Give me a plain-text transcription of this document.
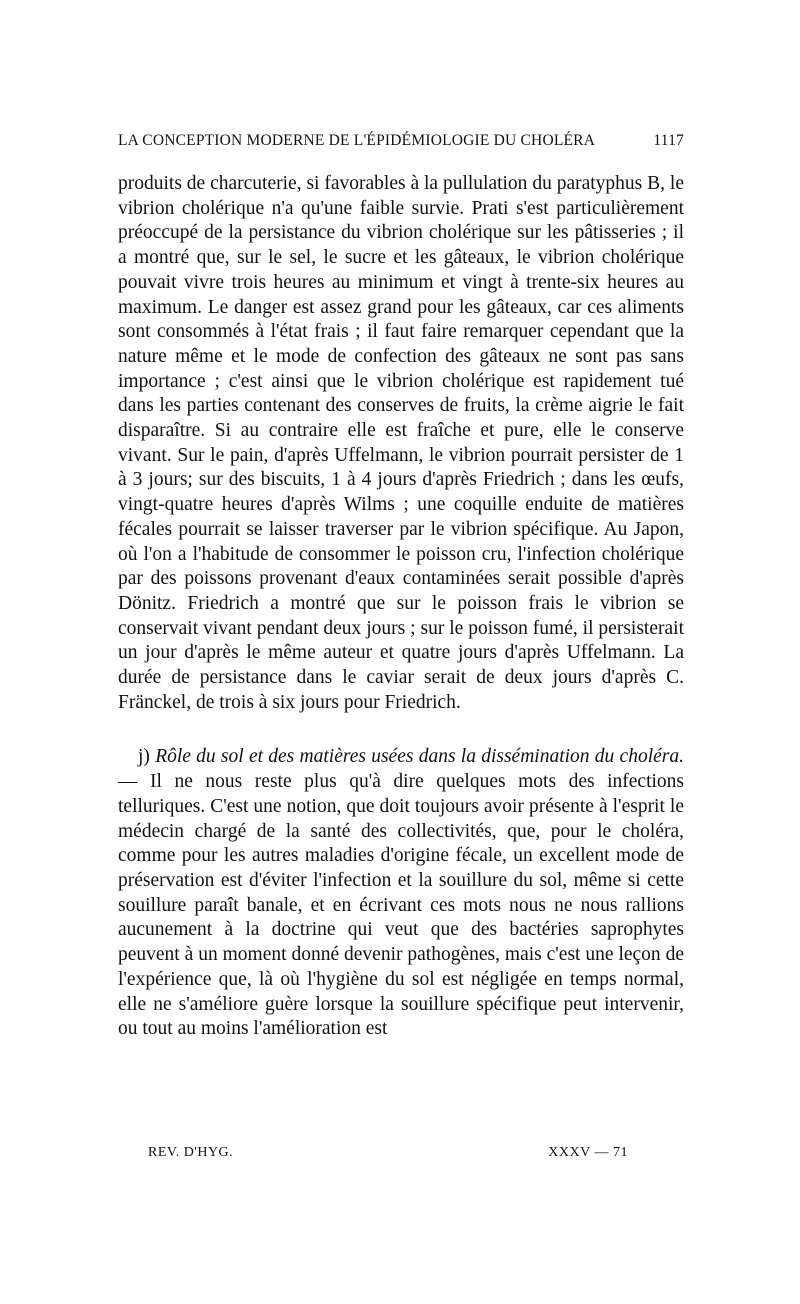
LA CONCEPTION MODERNE DE L'ÉPIDÉMIOLOGIE DU CHOLÉRA	1117

produits de charcuterie, si favorables à la pullulation du paratyphus B, le vibrion cholérique n'a qu'une faible survie. Prati s'est particulièrement préoccupé de la persistance du vibrion cholérique sur les pâtisseries ; il a montré que, sur le sel, le sucre et les gâteaux, le vibrion cholérique pouvait vivre trois heures au minimum et vingt à trente-six heures au maximum. Le danger est assez grand pour les gâteaux, car ces aliments sont consommés à l'état frais ; il faut faire remarquer cependant que la nature même et le mode de confection des gâteaux ne sont pas sans importance ; c'est ainsi que le vibrion cholérique est rapidement tué dans les parties contenant des conserves de fruits, la crème aigrie le fait disparaître. Si au contraire elle est fraîche et pure, elle le conserve vivant. Sur le pain, d'après Uffelmann, le vibrion pourrait persister de 1 à 3 jours; sur des biscuits, 1 à 4 jours d'après Friedrich ; dans les œufs, vingt-quatre heures d'après Wilms ; une coquille enduite de matières fécales pourrait se laisser traverser par le vibrion spécifique. Au Japon, où l'on a l'habitude de consommer le poisson cru, l'infection cholérique par des poissons provenant d'eaux contaminées serait possible d'après Dönitz. Friedrich a montré que sur le poisson frais le vibrion se conservait vivant pendant deux jours ; sur le poisson fumé, il persisterait un jour d'après le même auteur et quatre jours d'après Uffelmann. La durée de persistance dans le caviar serait de deux jours d'après C. Fränckel, de trois à six jours pour Friedrich.

j) Rôle du sol et des matières usées dans la dissémination du choléra. — Il ne nous reste plus qu'à dire quelques mots des infections telluriques. C'est une notion, que doit toujours avoir présente à l'esprit le médecin chargé de la santé des collectivités, que, pour le choléra, comme pour les autres maladies d'origine fécale, un excellent mode de préservation est d'éviter l'infection et la souillure du sol, même si cette souillure paraît banale, et en écrivant ces mots nous ne nous rallions aucunement à la doctrine qui veut que des bactéries saprophytes peuvent à un moment donné devenir pathogènes, mais c'est une leçon de l'expérience que, là où l'hygiène du sol est négligée en temps normal, elle ne s'améliore guère lorsque la souillure spécifique peut intervenir, ou tout au moins l'amélioration est

REV. D'HYG.	XXXV — 71
